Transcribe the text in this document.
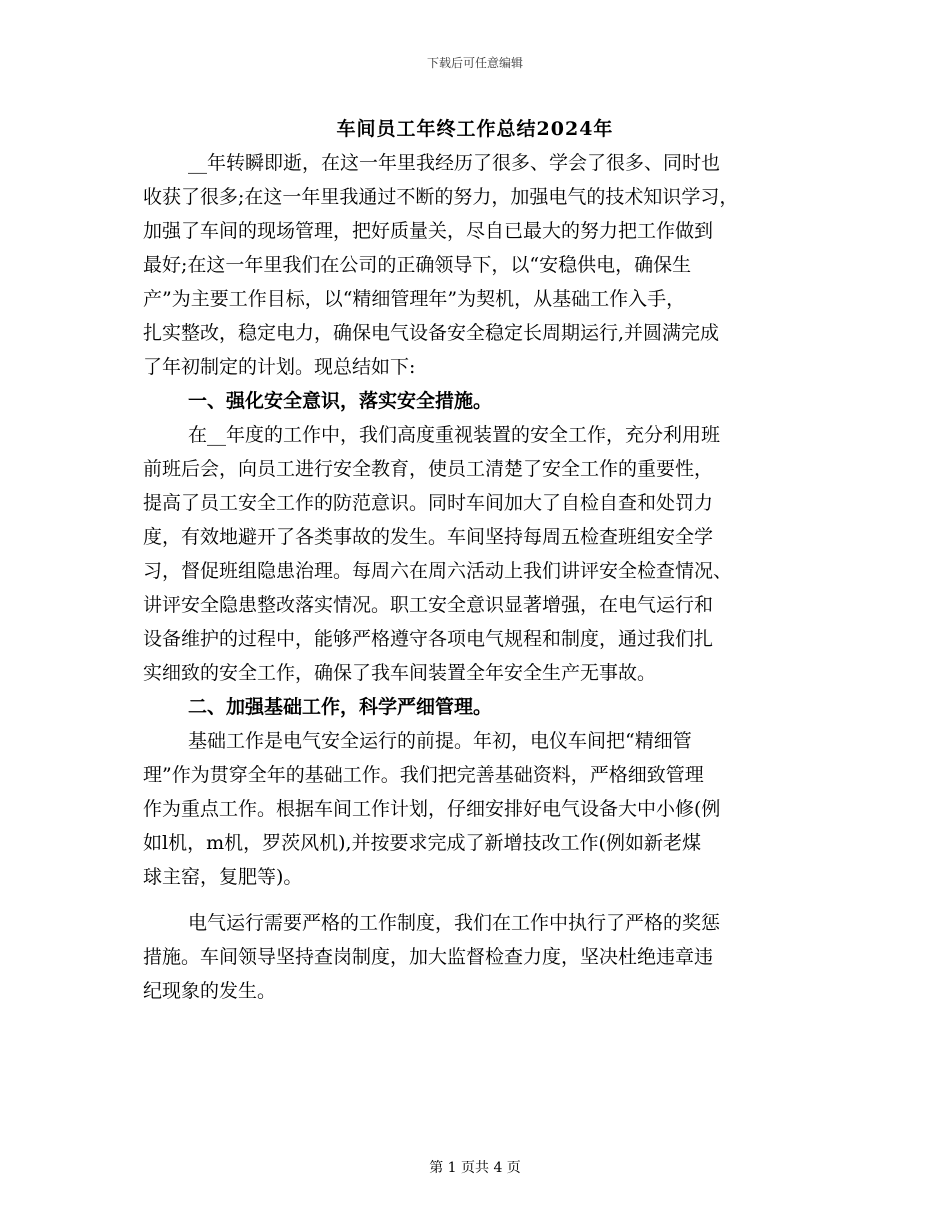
下载后可任意编辑
车间员工年终工作总结2024年
__年转瞬即逝，在这一年里我经历了很多、学会了很多、同时也
收获了很多;在这一年里我通过不断的努力，加强电气的技术知识学习，
加强了车间的现场管理，把好质量关，尽自已最大的努力把工作做到
最好;在这一年里我们在公司的正确领导下，以“安稳供电，确保生
产”为主要工作目标，以“精细管理年”为契机，从基础工作入手，
扎实整改，稳定电力，确保电气设备安全稳定长周期运行,并圆满完成
了年初制定的计划。现总结如下:
一、强化安全意识，落实安全措施。
在__年度的工作中，我们高度重视装置的安全工作，充分利用班
前班后会，向员工进行安全教育，使员工清楚了安全工作的重要性，
提高了员工安全工作的防范意识。同时车间加大了自检自查和处罚力
度，有效地避开了各类事故的发生。车间坚持每周五检查班组安全学
习，督促班组隐患治理。每周六在周六活动上我们讲评安全检查情况、
讲评安全隐患整改落实情况。职工安全意识显著增强，在电气运行和
设备维护的过程中，能够严格遵守各项电气规程和制度，通过我们扎
实细致的安全工作，确保了我车间装置全年安全生产无事故。
二、加强基础工作，科学严细管理。
基础工作是电气安全运行的前提。年初，电仪车间把“精细管
理”作为贯穿全年的基础工作。我们把完善基础资料，严格细致管理
作为重点工作。根据车间工作计划，仔细安排好电气设备大中小修(例
如l机，m机，罗茨风机),并按要求完成了新增技改工作(例如新老煤
球主窑，复肥等)。
电气运行需要严格的工作制度，我们在工作中执行了严格的奖惩
措施。车间领导坚持查岗制度，加大监督检查力度，坚决杜绝违章违
纪现象的发生。
第 1 页共 4 页
